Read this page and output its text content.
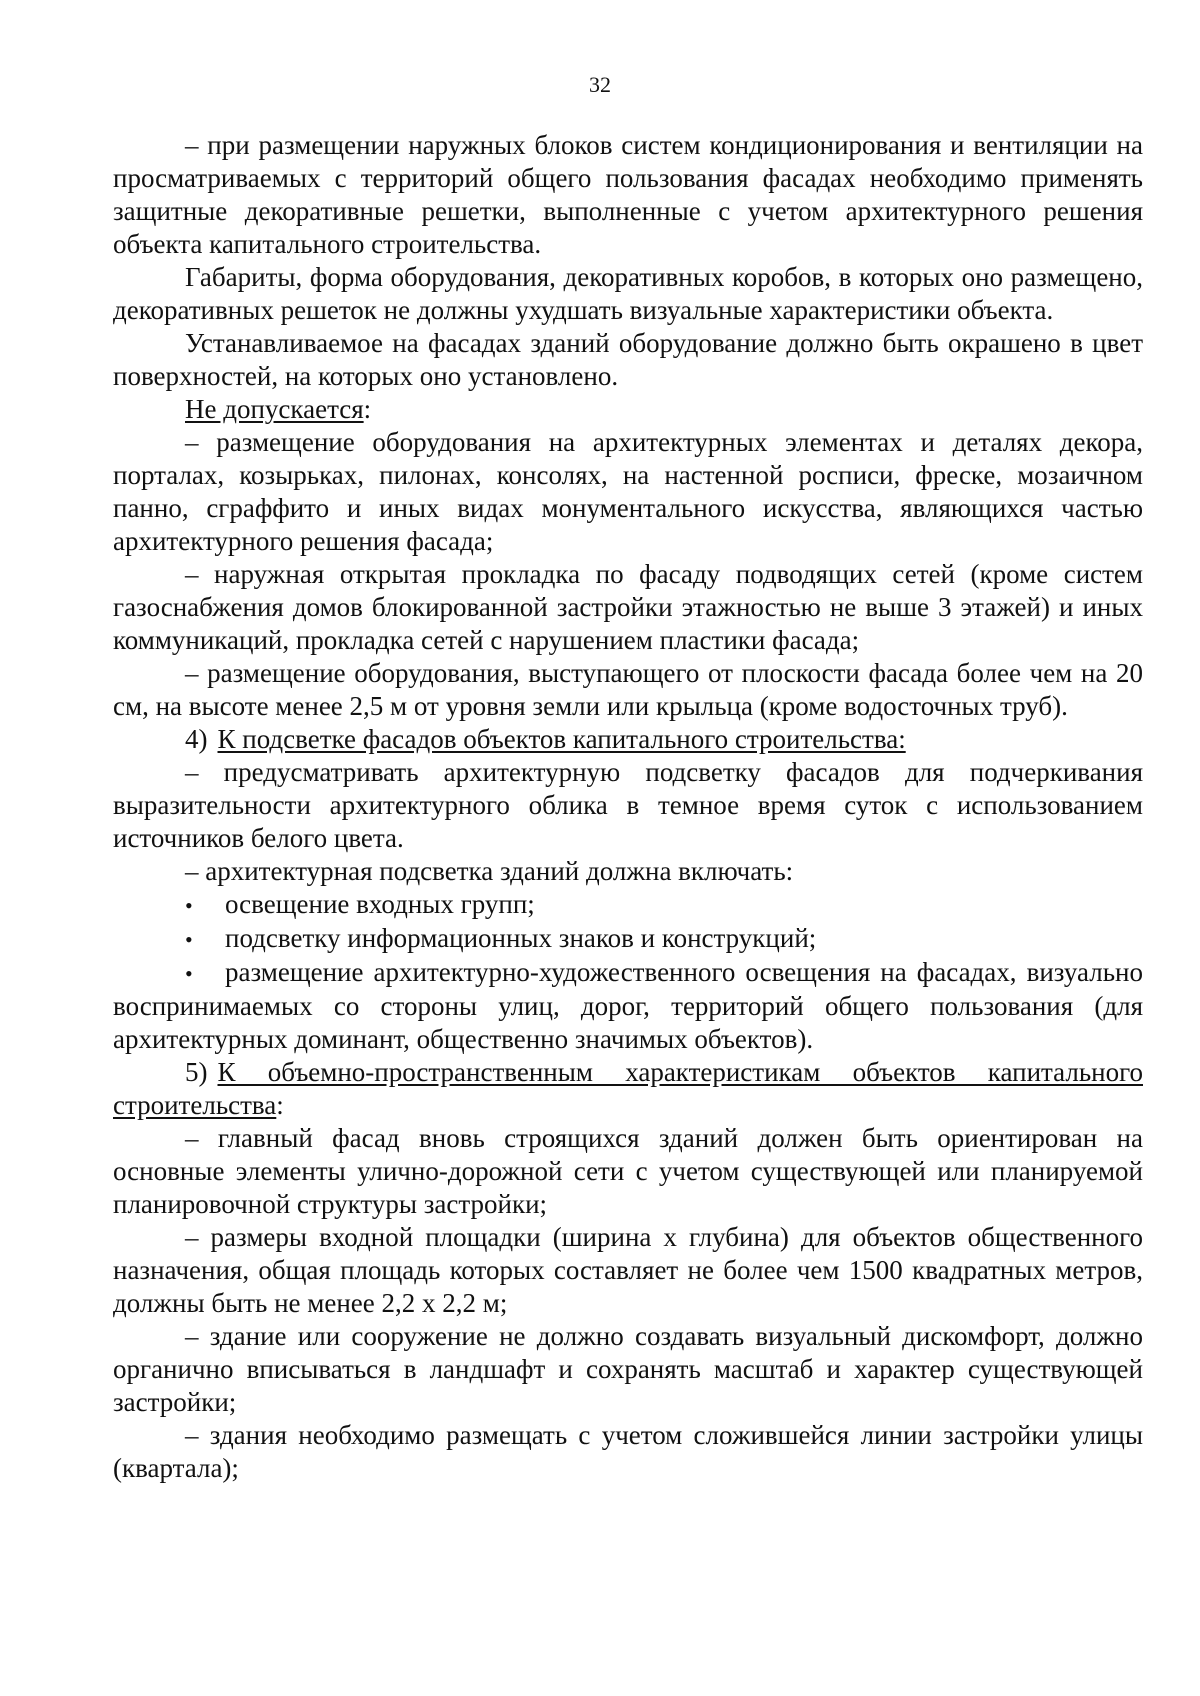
32

– при размещении наружных блоков систем кондиционирования и вентиляции на просматриваемых с территорий общего пользования фасадах необходимо применять защитные декоративные решетки, выполненные с учетом архитектурного решения объекта капитального строительства.

Габариты, форма оборудования, декоративных коробов, в которых оно размещено, декоративных решеток не должны ухудшать визуальные характеристики объекта.

Устанавливаемое на фасадах зданий оборудование должно быть окрашено в цвет поверхностей, на которых оно установлено.

Не допускается:

– размещение оборудования на архитектурных элементах и деталях декора, порталах, козырьках, пилонах, консолях, на настенной росписи, фреске, мозаичном панно, сграффито и иных видах монументального искусства, являющихся частью архитектурного решения фасада;

– наружная открытая прокладка по фасаду подводящих сетей (кроме систем газоснабжения домов блокированной застройки этажностью не выше 3 этажей) и иных коммуникаций, прокладка сетей с нарушением пластики фасада;

– размещение оборудования, выступающего от плоскости фасада более чем на 20 см, на высоте менее 2,5 м от уровня земли или крыльца (кроме водосточных труб).

4) К подсветке фасадов объектов капитального строительства:

– предусматривать архитектурную подсветку фасадов для подчеркивания выразительности архитектурного облика в темное время суток с использованием источников белого цвета.

– архитектурная подсветка зданий должна включать:

•	освещение входных групп;

•	подсветку информационных знаков и конструкций;

• размещение архитектурно-художественного освещения на фасадах, визуально воспринимаемых со стороны улиц, дорог, территорий общего пользования (для архитектурных доминант, общественно значимых объектов).

5) К объемно-пространственным характеристикам объектов капитального строительства:

– главный фасад вновь строящихся зданий должен быть ориентирован на основные элементы улично-дорожной сети с учетом существующей или планируемой планировочной структуры застройки;

– размеры входной площадки (ширина х глубина) для объектов общественного назначения, общая площадь которых составляет не более чем 1500 квадратных метров, должны быть не менее 2,2 х 2,2 м;

– здание или сооружение не должно создавать визуальный дискомфорт, должно органично вписываться в ландшафт и сохранять масштаб и характер существующей застройки;

– здания необходимо размещать с учетом сложившейся линии застройки улицы (квартала);
